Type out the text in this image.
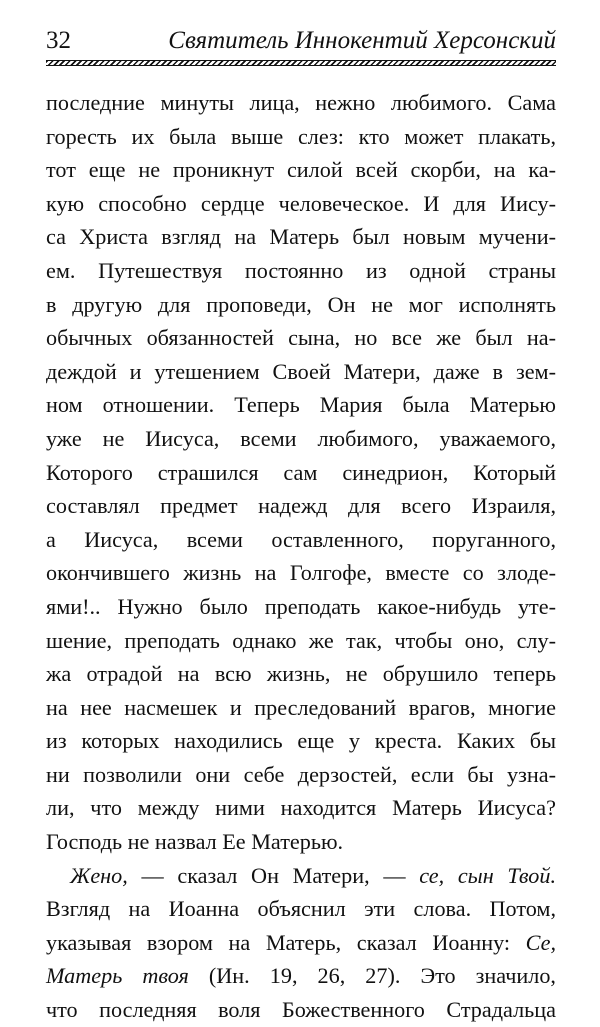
32	Святитель Иннокентий Херсонский
последние минуты лица, нежно любимого. Сама
горесть их была выше слез: кто может плакать,
тот еще не проникнут силой всей скорби, на ка-
кую способно сердце человеческое. И для Иису-
са Христа взгляд на Матерь был новым мучени-
ем. Путешествуя постоянно из одной страны
в другую для проповеди, Он не мог исполнять
обычных обязанностей сына, но все же был на-
деждой и утешением Своей Матери, даже в зем-
ном отношении. Теперь Мария была Матерью
уже не Иисуса, всеми любимого, уважаемого,
Которого страшился сам синедрион, Который
составлял предмет надежд для всего Израиля,
а Иисуса, всеми оставленного, поруганного,
окончившего жизнь на Голгофе, вместе со злоде-
ями!.. Нужно было преподать какое-нибудь уте-
шение, преподать однако же так, чтобы оно, слу-
жа отрадой на всю жизнь, не обрушило теперь
на нее насмешек и преследований врагов, многие
из которых находились еще у креста. Каких бы
ни позволили они себе дерзостей, если бы узна-
ли, что между ними находится Матерь Иисуса?
Господь не назвал Ее Матерью.
Жено, — сказал Он Матери, — се, сын Твой.
Взгляд на Иоанна объяснил эти слова. Потом,
указывая взором на Матерь, сказал Иоанну: Се,
Матерь твоя (Ин. 19, 26, 27). Это значило,
что последняя воля Божественного Страдальца
